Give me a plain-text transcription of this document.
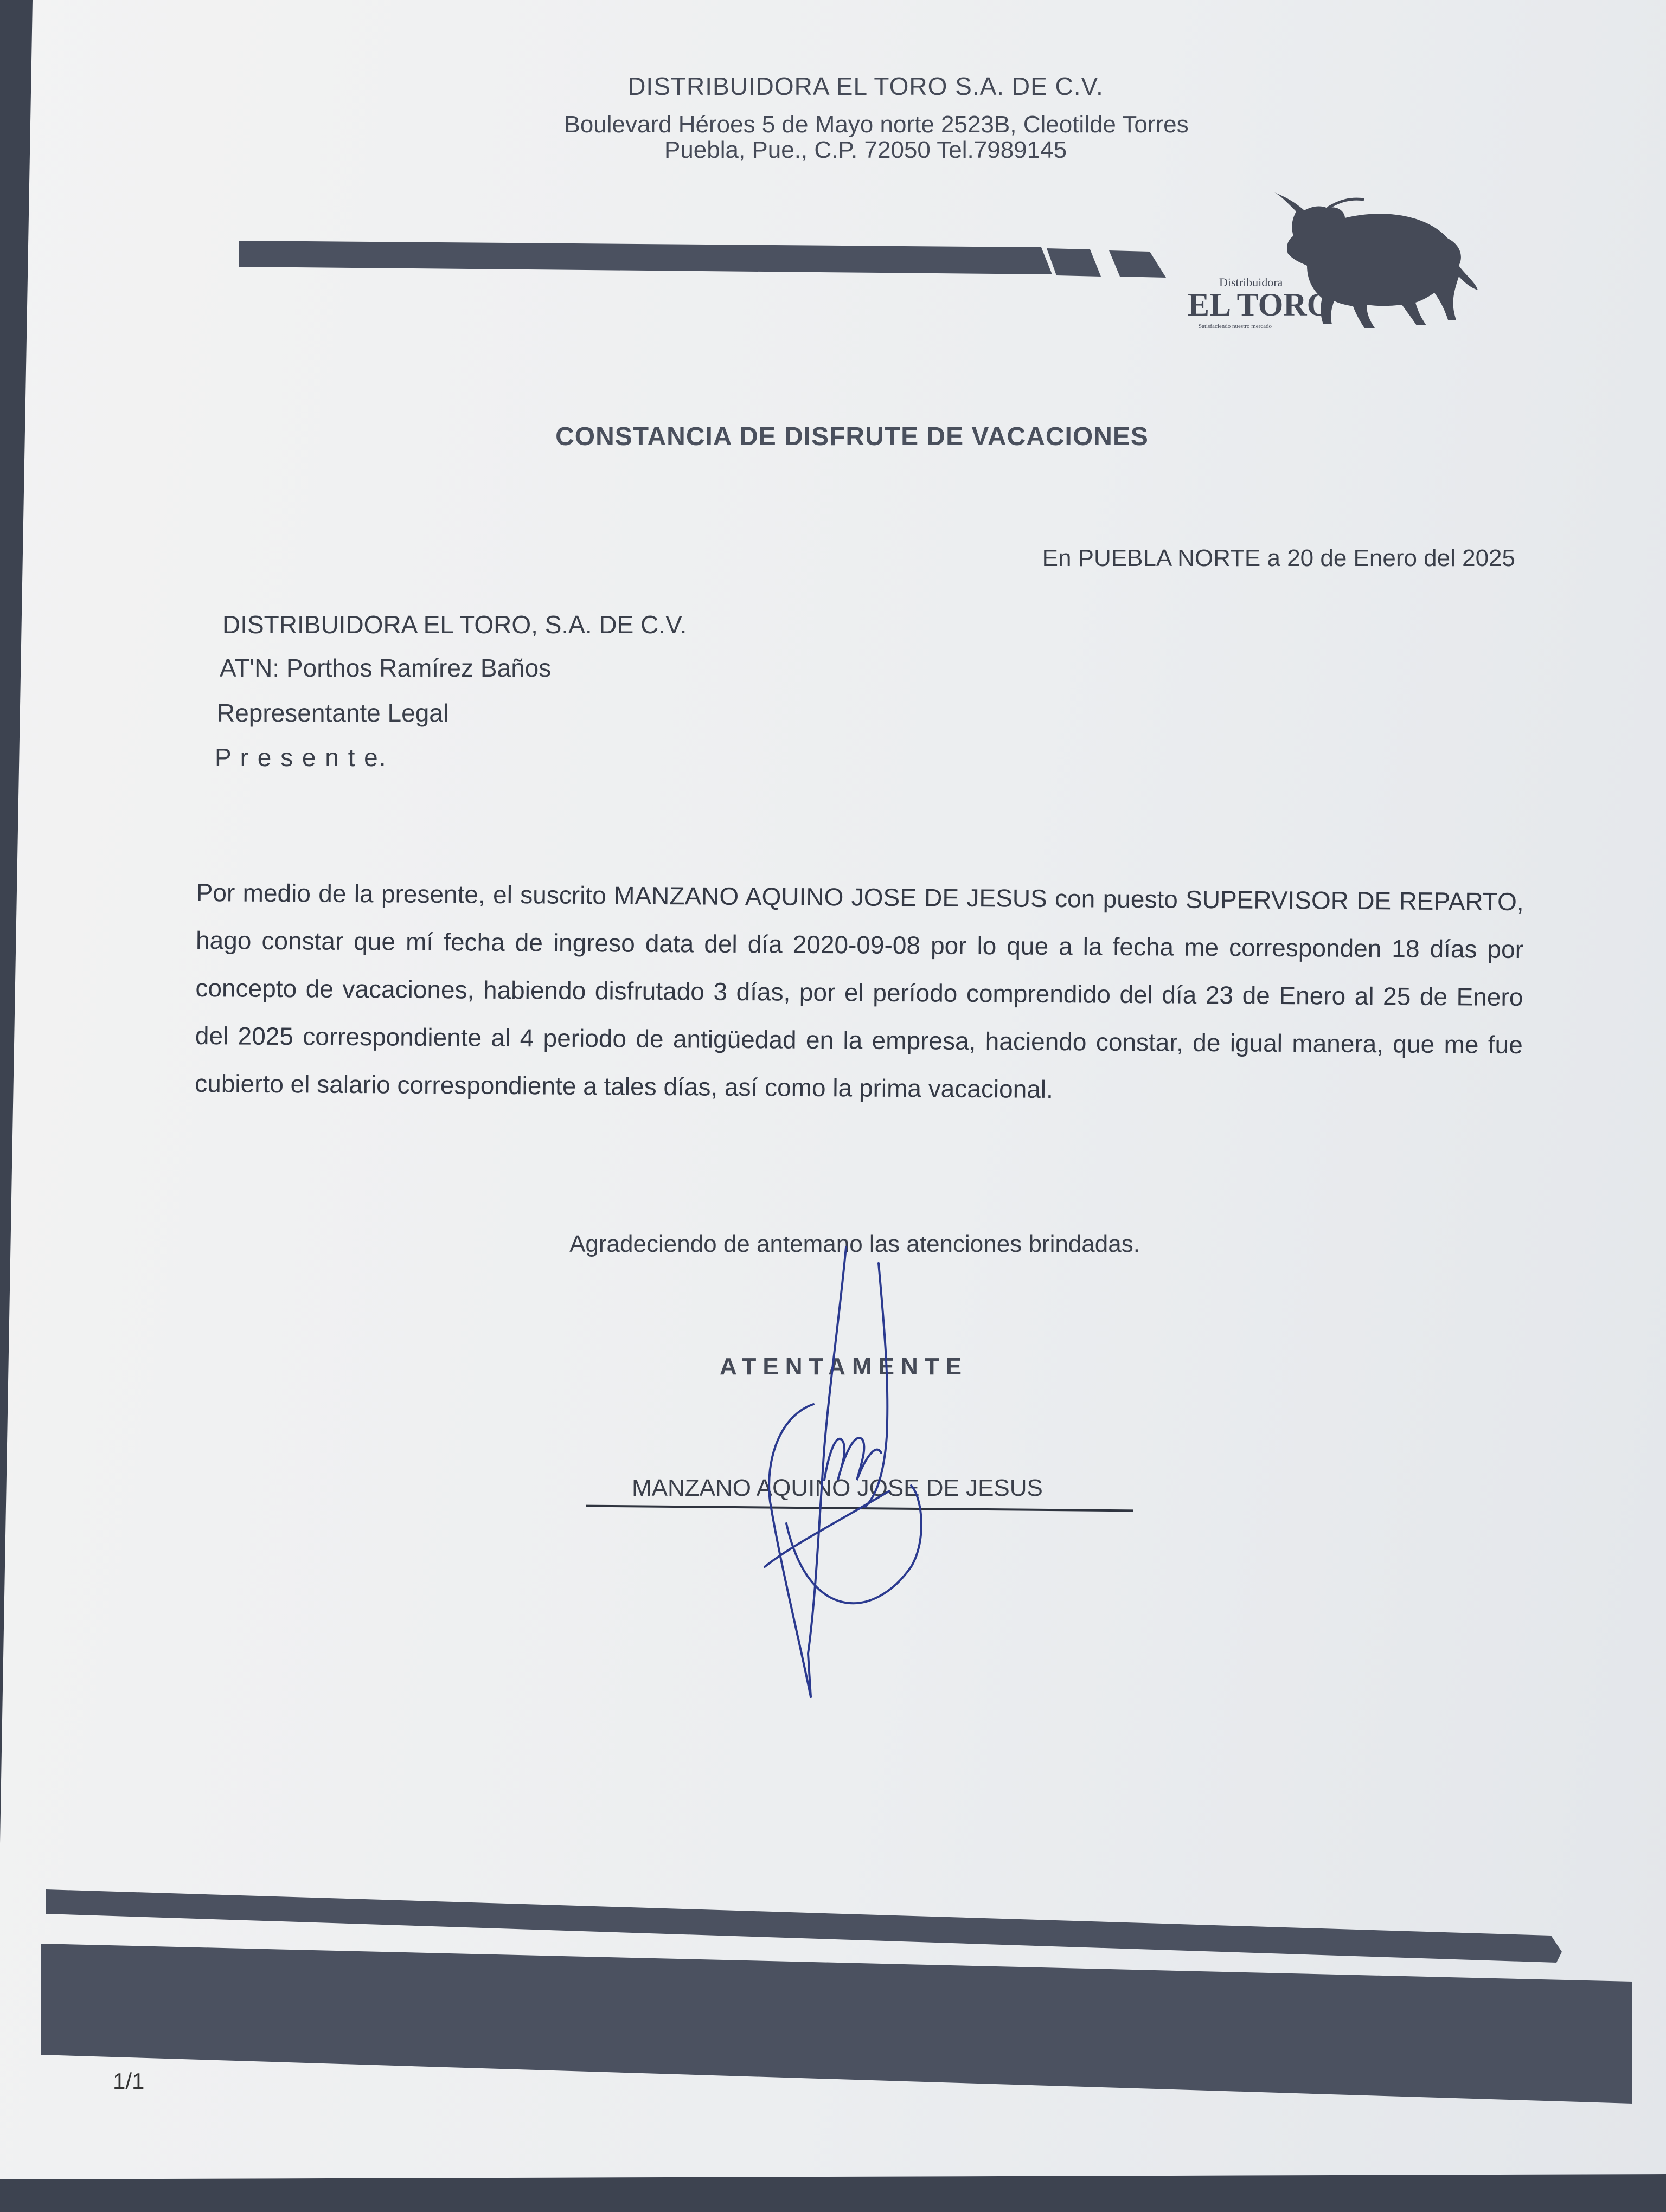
DISTRIBUIDORA EL TORO S.A. DE C.V.
Boulevard Héroes 5 de Mayo norte 2523B, Cleotilde Torres
Puebla, Pue., C.P. 72050 Tel.7989145
Distribuidora
EL TORO
Satisfaciendo nuestro mercado
CONSTANCIA DE DISFRUTE DE VACACIONES
En PUEBLA NORTE a 20 de Enero del 2025
DISTRIBUIDORA EL TORO, S.A. DE C.V.
AT'N: Porthos Ramírez Baños
Representante Legal
P r e s e n t e.
Por medio de la presente, el suscrito MANZANO AQUINO JOSE DE JESUS con puesto SUPERVISOR DE REPARTO, hago constar que mí fecha de ingreso data del día 2020-09-08 por lo que a la fecha me corresponden 18 días por concepto de vacaciones, habiendo disfrutado 3 días, por el período comprendido del día 23 de Enero al 25 de Enero del 2025 correspondiente al 4 periodo de antigüedad en la empresa, haciendo constar, de igual manera, que me fue cubierto el salario correspondiente a tales días, así como la prima vacacional.
Agradeciendo de antemano las atenciones brindadas.
ATENTAMENTE
MANZANO AQUINO JOSE DE JESUS
1/1
